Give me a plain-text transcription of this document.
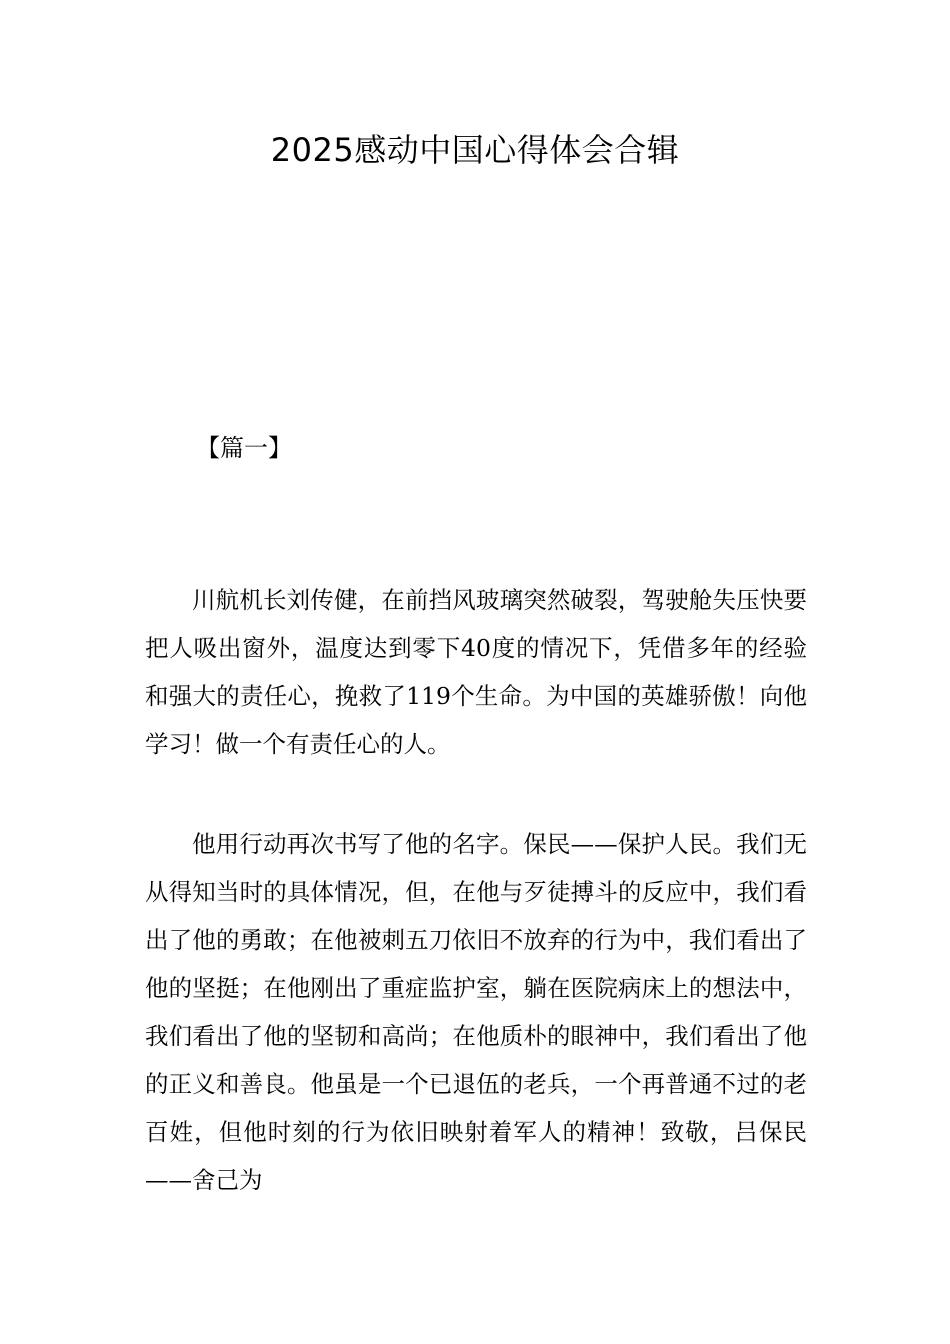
2025感动中国心得体会合辑
【篇一】

川航机长刘传健，在前挡风玻璃突然破裂，驾驶舱失压快要把人吸出窗外，温度达到零下40度的情况下，凭借多年的经验和强大的责任心，挽救了119个生命。为中国的英雄骄傲！向他学习！做一个有责任心的人。

他用行动再次书写了他的名字。保民——保护人民。我们无从得知当时的具体情况，但，在他与歹徒搏斗的反应中，我们看出了他的勇敢；在他被刺五刀依旧不放弃的行为中，我们看出了他的坚挺；在他刚出了重症监护室，躺在医院病床上的想法中，我们看出了他的坚韧和高尚；在他质朴的眼神中，我们看出了他的正义和善良。他虽是一个已退伍的老兵，一个再普通不过的老百姓，但他时刻的行为依旧映射着军人的精神！致敬，吕保民——舍己为
